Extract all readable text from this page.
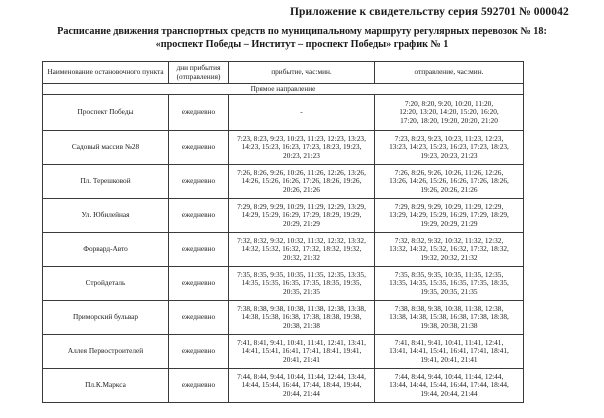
Приложение к свидетельству серия 592701 № 000042
Расписание движения транспортных средств по муниципальному маршруту регулярных перевозок № 18:
«проспект Победы – Институт – проспект Победы» график № 1
Наименование остановочного пункта	дни прибытия (отправления)	прибытие, час:мин.	отправление, час:мин.
Прямое направление			
Проспект Победы	ежедневно	-	7:20, 8:20, 9:20, 10:20, 11:20,
12:20, 13:20, 14:20, 15:20, 16:20,
17:20, 18:20, 19:20, 20:20, 21:20
Садовый массив №28	ежедневно	7:23, 8:23, 9:23, 10:23, 11:23, 12:23, 13:23,
14:23, 15:23, 16:23, 17:23, 18:23, 19:23,
20:23, 21:23	7:23, 8:23, 9:23, 10:23, 11:23, 12:23,
13:23, 14:23, 15:23, 16:23, 17:23, 18:23,
19:23, 20:23, 21:23
Пл. Терешковой	ежедневно	7:26, 8:26, 9:26, 10:26, 11:26, 12:26, 13:26,
14:26, 15:26, 16:26, 17:26, 18:26, 19:26,
20:26, 21:26	7:26, 8:26, 9:26, 10:26, 11:26, 12:26,
13:26, 14:26, 15:26, 16:26, 17:26, 18:26,
19:26, 20:26, 21:26
Ул. Юбилейная	ежедневно	7:29, 8:29, 9:29, 10:29, 11:29, 12:29, 13:29,
14:29, 15:29, 16:29, 17:29, 18:29, 19:29,
20:29, 21:29	7:29, 8:29, 9:29, 10:29, 11:29, 12:29,
13:29, 14:29, 15:29, 16:29, 17:29, 18:29,
19:29, 20:29, 21:29
Форвард-Авто	ежедневно	7:32, 8:32, 9:32, 10:32, 11:32, 12:32, 13:32,
14:32, 15:32, 16:32, 17:32, 18:32, 19:32,
20:32, 21:32	7:32, 8:32, 9:32, 10:32, 11:32, 12:32,
13:32, 14:32, 15:32, 16:32, 17:32, 18:32,
19:32, 20:32, 21:32
Стройдеталь	ежедневно	7:35, 8:35, 9:35, 10:35, 11:35, 12:35, 13:35,
14:35, 15:35, 16:35, 17:35, 18:35, 19:35,
20:35, 21:35	7:35, 8:35, 9:35, 10:35, 11:35, 12:35,
13:35, 14:35, 15:35, 16:35, 17:35, 18:35,
19:35, 20:35, 21:35
Приморский бульвар	ежедневно	7:38, 8:38, 9:38, 10:38, 11:38, 12:38, 13:38,
14:38, 15:38, 16:38, 17:38, 18:38, 19:38,
20:38, 21:38	7:38, 8:38, 9:38, 10:38, 11:38, 12:38,
13:38, 14:38, 15:38, 16:38, 17:38, 18:38,
19:38, 20:38, 21:38
Аллея Первостроителей	ежедневно	7:41, 8:41, 9:41, 10:41, 11:41, 12:41, 13:41,
14:41, 15:41, 16:41, 17:41, 18:41, 19:41,
20:41, 21:41	7:41, 8:41, 9:41, 10:41, 11:41, 12:41,
13:41, 14:41, 15:41, 16:41, 17:41, 18:41,
19:41, 20:41, 21:41
Пл.К.Маркса	ежедневно	7:44, 8:44, 9:44, 10:44, 11:44, 12:44, 13:44,
14:44, 15:44, 16:44, 17:44, 18:44, 19:44,
20:44, 21:44	7:44, 8:44, 9:44, 10:44, 11:44, 12:44,
13:44, 14:44, 15:44, 16:44, 17:44, 18:44,
19:44, 20:44, 21:44
